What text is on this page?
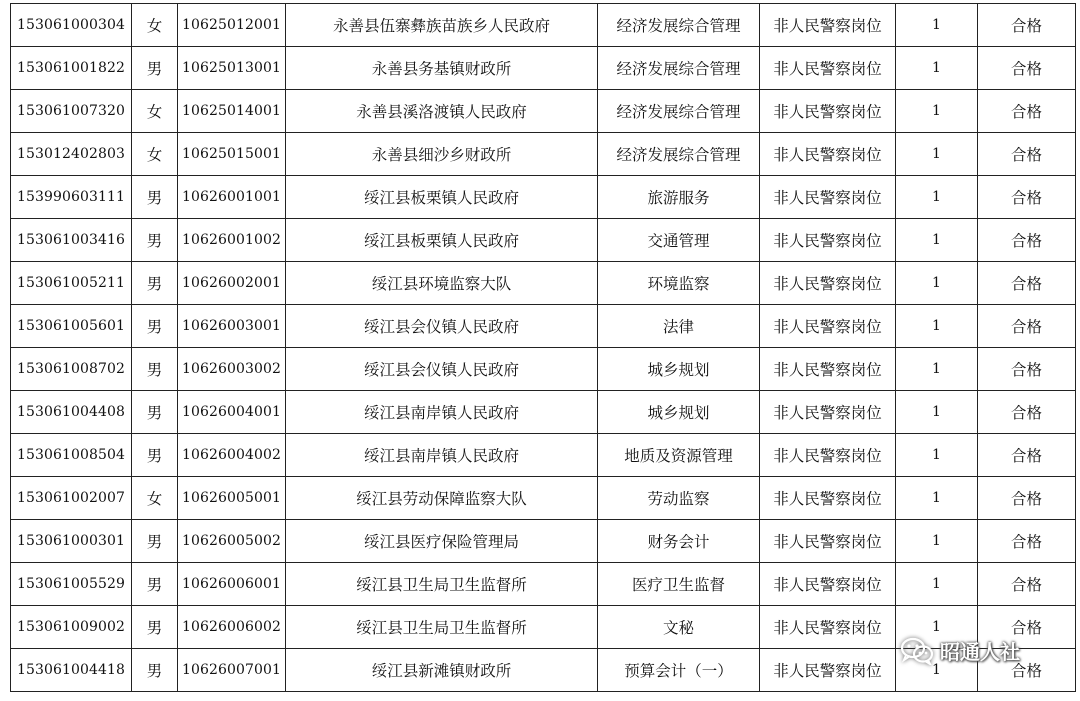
153061000304	女	10625012001	永善县伍寨彝族苗族乡人民政府	经济发展综合管理	非人民警察岗位	1	合格
153061001822	男	10625013001	永善县务基镇财政所	经济发展综合管理	非人民警察岗位	1	合格
153061007320	女	10625014001	永善县溪洛渡镇人民政府	经济发展综合管理	非人民警察岗位	1	合格
153012402803	女	10625015001	永善县细沙乡财政所	经济发展综合管理	非人民警察岗位	1	合格
153990603111	男	10626001001	绥江县板栗镇人民政府	旅游服务	非人民警察岗位	1	合格
153061003416	男	10626001002	绥江县板栗镇人民政府	交通管理	非人民警察岗位	1	合格
153061005211	男	10626002001	绥江县环境监察大队	环境监察	非人民警察岗位	1	合格
153061005601	男	10626003001	绥江县会仪镇人民政府	法律	非人民警察岗位	1	合格
153061008702	男	10626003002	绥江县会仪镇人民政府	城乡规划	非人民警察岗位	1	合格
153061004408	男	10626004001	绥江县南岸镇人民政府	城乡规划	非人民警察岗位	1	合格
153061008504	男	10626004002	绥江县南岸镇人民政府	地质及资源管理	非人民警察岗位	1	合格
153061002007	女	10626005001	绥江县劳动保障监察大队	劳动监察	非人民警察岗位	1	合格
153061000301	男	10626005002	绥江县医疗保险管理局	财务会计	非人民警察岗位	1	合格
153061005529	男	10626006001	绥江县卫生局卫生监督所	医疗卫生监督	非人民警察岗位	1	合格
153061009002	男	10626006002	绥江县卫生局卫生监督所	文秘	非人民警察岗位	1	合格
153061004418	男	10626007001	绥江县新滩镇财政所	预算会计（一）	非人民警察岗位	1	合格
昭通人社
